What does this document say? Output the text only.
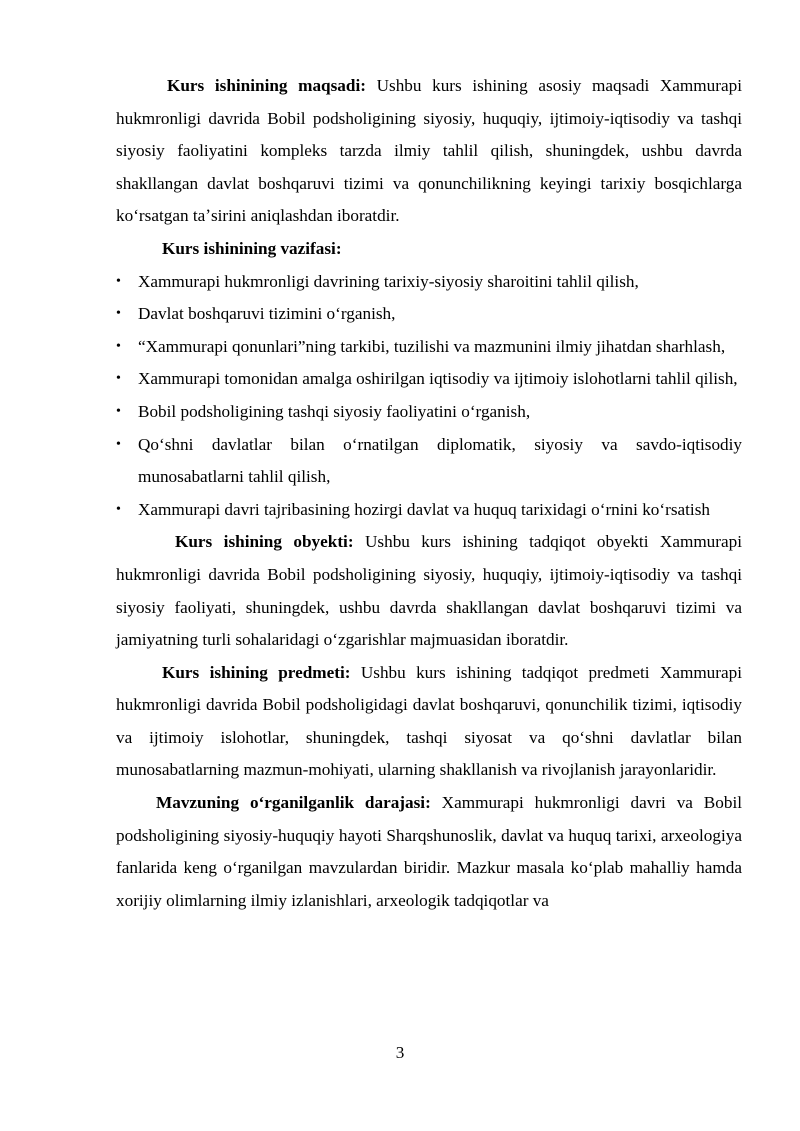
Kurs ishinining maqsadi: Ushbu kurs ishining asosiy maqsadi Xammurapi hukmronligi davrida Bobil podsholigining siyosiy, huquqiy, ijtimoiy-iqtisodiy va tashqi siyosiy faoliyatini kompleks tarzda ilmiy tahlil qilish, shuningdek, ushbu davrda shakllangan davlat boshqaruvi tizimi va qonunchilikning keyingi tarixiy bosqichlarga koʻrsatgan taʼsirini aniqlashdan iboratdir.

Kurs ishinining vazifasi:

• Xammurapi hukmronligi davrining tarixiy-siyosiy sharoitini tahlil qilish,
• Davlat boshqaruvi tizimini oʻrganish,
• “Xammurapi qonunlari”ning tarkibi, tuzilishi va mazmunini ilmiy jihatdan sharhlash,
• Xammurapi tomonidan amalga oshirilgan iqtisodiy va ijtimoiy islohotlarni tahlil qilish,
• Bobil podsholigining tashqi siyosiy faoliyatini oʻrganish,
• Qoʻshni davlatlar bilan oʻrnatilgan diplomatik, siyosiy va savdo-iqtisodiy munosabatlarni tahlil qilish,
• Xammurapi davri tajribasining hozirgi davlat va huquq tarixidagi oʻrnini koʻrsatish

Kurs ishining obyekti: Ushbu kurs ishining tadqiqot obyekti Xammurapi hukmronligi davrida Bobil podsholigining siyosiy, huquqiy, ijtimoiy-iqtisodiy va tashqi siyosiy faoliyati, shuningdek, ushbu davrda shakllangan davlat boshqaruvi tizimi va jamiyatning turli sohalaridagi oʻzgarishlar majmuasidan iboratdir.

Kurs ishining predmeti: Ushbu kurs ishining tadqiqot predmeti Xammurapi hukmronligi davrida Bobil podsholigidagi davlat boshqaruvi, qonunchilik tizimi, iqtisodiy va ijtimoiy islohotlar, shuningdek, tashqi siyosat va qoʻshni davlatlar bilan munosabatlarning mazmun-mohiyati, ularning shakllanish va rivojlanish jarayonlaridir.

Mavzuning oʻrganilganlik darajasi: Xammurapi hukmronligi davri va Bobil podsholigining siyosiy-huquqiy hayoti Sharqshunoslik, davlat va huquq tarixi, arxeologiya fanlarida keng oʻrganilgan mavzulardan biridir. Mazkur masala koʻplab mahalliy hamda xorijiy olimlarning ilmiy izlanishlari, arxeologik tadqiqotlar va

3
